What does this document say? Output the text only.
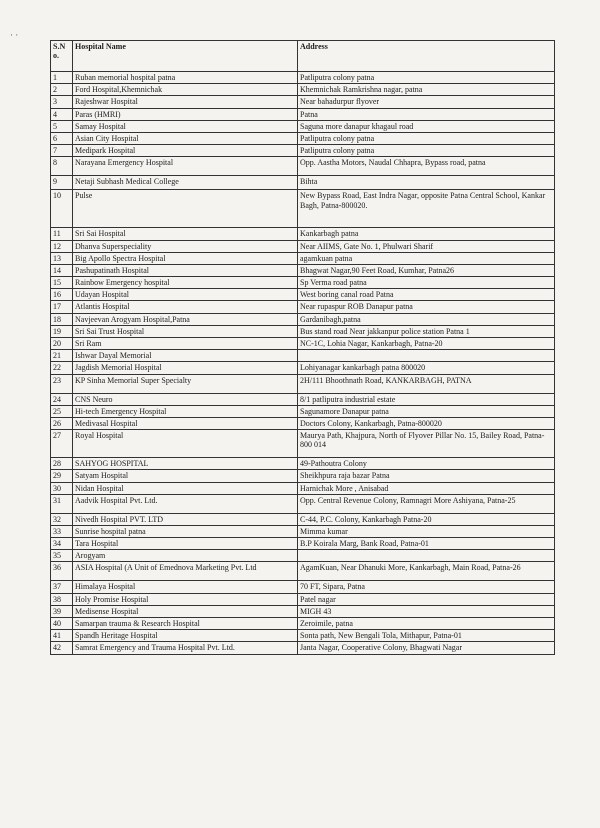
· ·
S.N o.	Hospital Name	Address
1	Ruban memorial hospital patna	Patliputra colony patna
2	Ford Hospital,Khemnichak	Khemnichak Ramkrishna nagar, patna
3	Rajeshwar Hospital	Near bahadurpur flyover
4	Paras (HMRI)	Patna
5	Samay Hospital	Saguna more danapur khagaul road
6	Asian City Hospital	Patliputra colony patna
7	Medipark Hospital	Patliputra colony patna
8	Narayana Emergency Hospital	Opp. Aastha Motors, Naudal Chhapra, Bypass road, patna
9	Netaji Subhash Medical College	Bihta
10	Pulse	New Bypass Road, East Indra Nagar, opposite Patna Central School, Kankar Bagh, Patna-800020.
11	Sri Sai Hospital	Kankarbagh patna
12	Dhanva Superspeciality	Near AIIMS, Gate No. 1, Phulwari Sharif
13	Big Apollo Spectra Hospital	agamkuan patna
14	Pashupatinath Hospital	Bhagwat Nagar,90 Feet Road, Kumhar, Patna26
15	Rainbow Emergency hospital	Sp Verma road patna
16	Udayan Hospital	West boring canal road Patna
17	Atlantis Hospital	Near rupaspur ROB Danapur patna
18	Navjeevan Arogyam Hospital,Patna	Gardanibagh,patna
19	Sri Sai Trust Hospital	Bus stand road Near jakkanpur police station Patna 1
20	Sri Ram	NC-1C, Lohia Nagar, Kankarbagh, Patna-20
21	Ishwar Dayal Memorial	
22	Jagdish Memorial Hospital	Lohiyanagar kankarbagh patna 800020
23	KP Sinha Memorial Super Specialty	2H/111 Bhoothnath Road, KANKARBAGH, PATNA
24	CNS Neuro	8/1 patliputra industrial estate
25	Hi-tech Emergency Hospital	Sagunamore Danapur patna
26	Medivasal Hospital	Doctors Colony, Kankarbagh, Patna-800020
27	Royal Hospital	Maurya Path, Khajpura, North of Flyover Pillar No. 15, Bailey Road, Patna- 800 014
28	SAHYOG HOSPITAL	49-Pathoutra Colony
29	Satyam Hospital	Sheikhpura raja bazar Patna
30	Nidan Hospital	Harnichak More , Anisabad
31	Aadvik Hospital Pvt. Ltd.	Opp. Central Revenue Colony, Ramnagri More Ashiyana, Patna-25
32	Nivedh Hospital PVT. LTD	C-44, P.C. Colony, Kankarbagh Patna-20
33	Sunrise hospital patna	Mimma kumar
34	Tara Hospital	B.P Koirala Marg, Bank Road, Patna-01
35	Arogyam	
36	ASIA Hospital (A Unit of Emednova Marketing Pvt. Ltd	AgamKuan, Near Dhanuki More, Kankarbagh, Main Road, Patna-26
37	Himalaya Hospital	70 FT, Sipara, Patna
38	Holy Promise Hospital	Patel nagar
39	Medisense Hospital	MIGH 43
40	Samarpan trauma & Research Hospital	Zeroimile, patna
41	Spandh Heritage Hospital	Sonta path, New Bengali Tola, Mithapur, Patna-01
42	Samrat Emergency and Trauma Hospital Pvt. Ltd.	Janta Nagar, Cooperative Colony, Bhagwati Nagar
